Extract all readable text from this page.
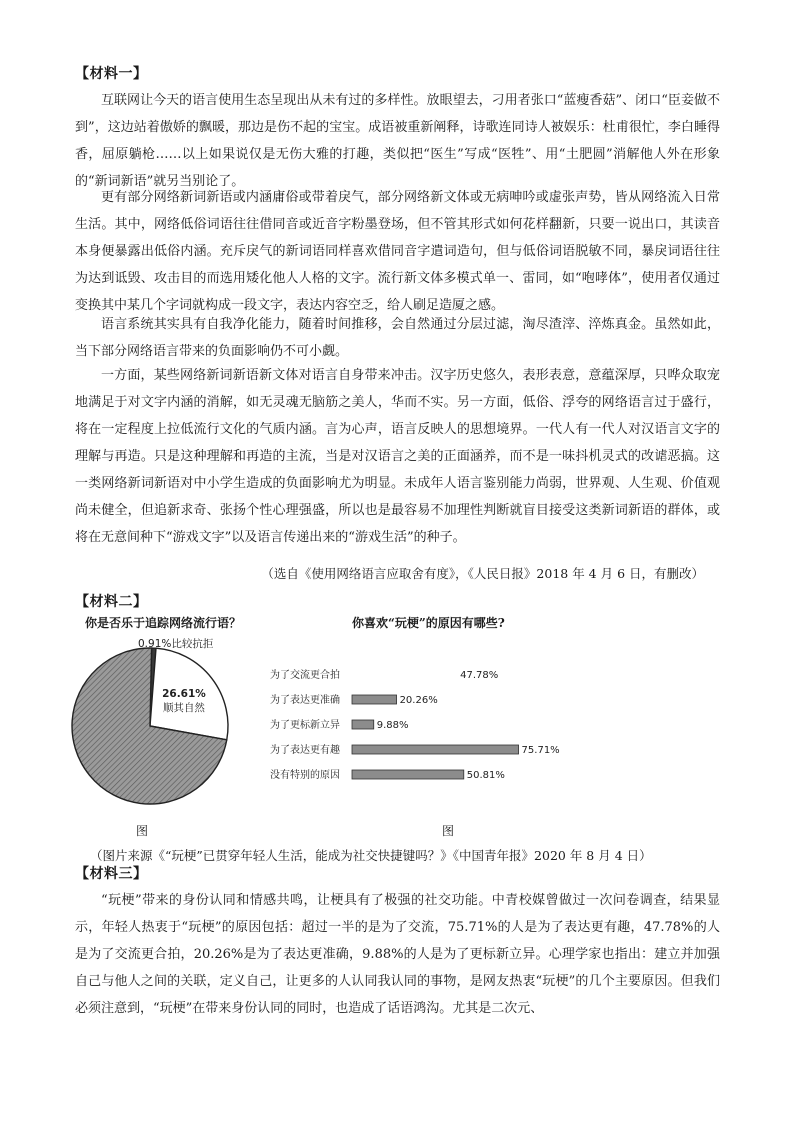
【材料一】

互联网让今天的语言使用生态呈现出从未有过的多样性。放眼望去，刁用者张口“蓝瘦香菇”、闭口“臣妾做不到”，这边站着傲娇的飘暖，那边是伤不起的宝宝。成语被重新阐释，诗歌连同诗人被娱乐：杜甫很忙，李白睡得香，屈原躺枪……以上如果说仅是无伤大雅的打趣，类似把“医生”写成“医牲”、用“土肥圆”消解他人外在形象的“新词新语”就另当别论了。

更有部分网络新词新语或内涵庸俗或带着戾气，部分网络新文体或无病呻吟或虚张声势，皆从网络流入日常生活。其中，网络低俗词语往往借同音或近音字粉墨登场，但不管其形式如何花样翻新，只要一说出口，其读音本身便暴露出低俗内涵。充斥戾气的新词语同样喜欢借同音字遣词造句，但与低俗词语脱敏不同，暴戾词语往往为达到诋毁、攻击目的而选用矮化他人人格的文字。流行新文体多模式单一、雷同，如“咆哮体”，使用者仅通过变换其中某几个字词就构成一段文字，表达内容空乏，给人刷足造厦之感。

语言系统其实具有自我净化能力，随着时间推移，会自然通过分层过滤，淘尽渣滓、淬炼真金。虽然如此，当下部分网络语言带来的负面影响仍不可小觑。

一方面，某些网络新词新语新文体对语言自身带来冲击。汉字历史悠久，表形表意，意蕴深厚，只哗众取宠地满足于对文字内涵的消解，如无灵魂无脑筋之美人，华而不实。另一方面，低俗、浮夸的网络语言过于盛行，将在一定程度上拉低流行文化的气质内涵。言为心声，语言反映人的思想境界。一代人有一代人对汉语言文字的理解与再造。只是这种理解和再造的主流，当是对汉语言之美的正面涵养，而不是一味抖机灵式的改谑恶搞。这一类网络新词新语对中小学生造成的负面影响尤为明显。未成年人语言鉴别能力尚弱，世界观、人生观、价值观尚未健全，但追新求奇、张扬个性心理强盛，所以也是最容易不加理性判断就盲目接受这类新词新语的群体，或将在无意间种下“游戏文字”以及语言传递出来的“游戏生活”的种子。

（选自《使用网络语言应取舍有度》，《人民日报》2018 年 4 月 6 日，有删改）
【材料二】
你是否乐于追踪网络流行语？
0.91%比较抗拒
26.61%
顺其自然
图
你喜欢“玩梗”的原因有哪些?
为了交流更合拍	47.78%
为了表达更准确	20.26%
为了更标新立异	9.88%
为了表达更有趣	75.71%
没有特别的原因	50.81%
图
（图片来源《“玩梗”已贯穿年轻人生活，能成为社交快捷键吗？》《中国青年报》2020 年 8 月 4 日）
【材料三】

“玩梗”带来的身份认同和情感共鸣，让梗具有了极强的社交功能。中青校媒曾做过一次问卷调查，结果显示，年轻人热衷于“玩梗”的原因包括：超过一半的是为了交流，75.71%的人是为了表达更有趣，47.78%的人是为了交流更合拍，20.26%是为了表达更准确，9.88%的人是为了更标新立异。心理学家也指出：建立并加强自己与他人之间的关联，定义自己，让更多的人认同我认同的事物，是网友热衷“玩梗”的几个主要原因。但我们必须注意到，“玩梗”在带来身份认同的同时，也造成了话语鸿沟。尤其是二次元、
